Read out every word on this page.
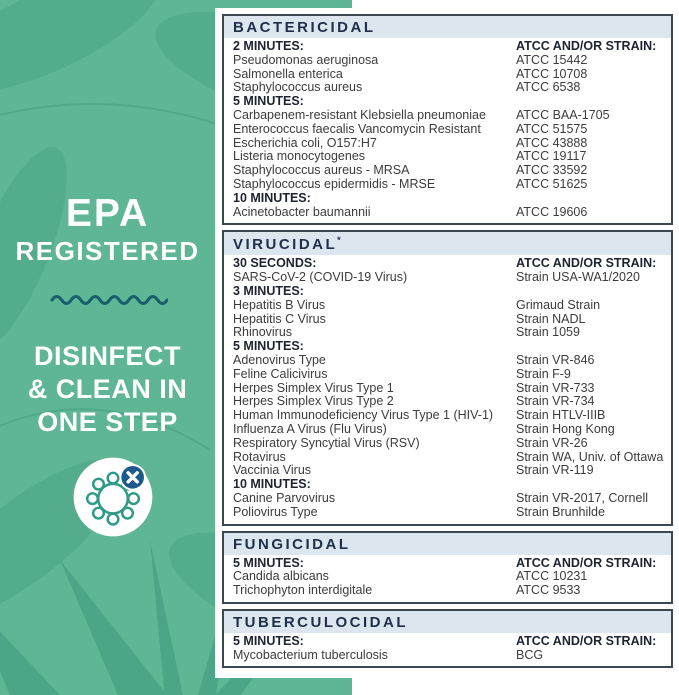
EPA
REGISTERED
DISINFECT
& CLEAN IN
ONE STEP
BACTERICIDAL
2 MINUTES:	ATCC AND/OR STRAIN:
Pseudomonas aeruginosa	ATCC 15442
Salmonella enterica	ATCC 10708
Staphylococcus aureus	ATCC 6538
5 MINUTES:
Carbapenem-resistant Klebsiella pneumoniae	ATCC BAA-1705
Enterococcus faecalis Vancomycin Resistant	ATCC 51575
Escherichia coli, O157:H7	ATCC 43888
Listeria monocytogenes	ATCC 19117
Staphylococcus aureus - MRSA	ATCC 33592
Staphylococcus epidermidis - MRSE	ATCC 51625
10 MINUTES:
Acinetobacter baumannii	ATCC 19606
VIRUCIDAL*
30 SECONDS:	ATCC AND/OR STRAIN:
SARS-CoV-2 (COVID-19 Virus)	Strain USA-WA1/2020
3 MINUTES:
Hepatitis B Virus	Grimaud Strain
Hepatitis C Virus	Strain NADL
Rhinovirus	Strain 1059
5 MINUTES:
Adenovirus Type	Strain VR-846
Feline Calicivirus	Strain F-9
Herpes Simplex Virus Type 1	Strain VR-733
Herpes Simplex Virus Type 2	Strain VR-734
Human Immunodeficiency Virus Type 1 (HIV-1)	Strain HTLV-IIIB
Influenza A Virus (Flu Virus)	Strain Hong Kong
Respiratory Syncytial Virus (RSV)	Strain VR-26
Rotavirus	Strain WA, Univ. of Ottawa
Vaccinia Virus	Strain VR-119
10 MINUTES:
Canine Parvovirus	Strain VR-2017, Cornell
Poliovirus Type	Strain Brunhilde
FUNGICIDAL
5 MINUTES:	ATCC AND/OR STRAIN:
Candida albicans	ATCC 10231
Trichophyton interdigitale	ATCC 9533
TUBERCULOCIDAL
5 MINUTES:	ATCC AND/OR STRAIN:
Mycobacterium tuberculosis	BCG
